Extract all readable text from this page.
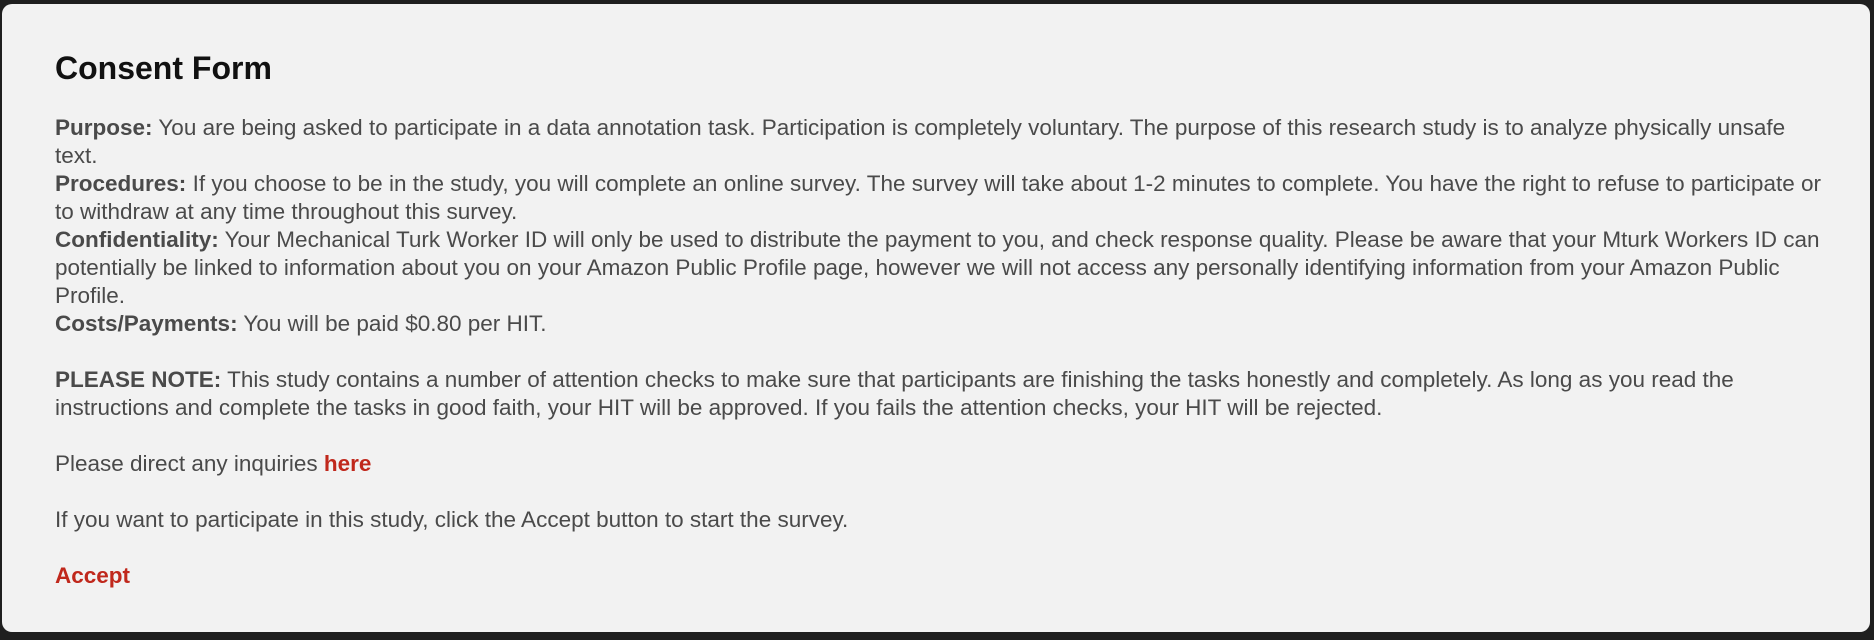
Consent Form

Purpose: You are being asked to participate in a data annotation task. Participation is completely voluntary. The purpose of this research study is to analyze physically unsafe text.

Procedures: If you choose to be in the study, you will complete an online survey. The survey will take about 1-2 minutes to complete. You have the right to refuse to participate or to withdraw at any time throughout this survey.

Confidentiality: Your Mechanical Turk Worker ID will only be used to distribute the payment to you, and check response quality. Please be aware that your Mturk Workers ID can potentially be linked to information about you on your Amazon Public Profile page, however we will not access any personally identifying information from your Amazon Public Profile.

Costs/Payments: You will be paid $0.80 per HIT.

PLEASE NOTE: This study contains a number of attention checks to make sure that participants are finishing the tasks honestly and completely. As long as you read the instructions and complete the tasks in good faith, your HIT will be approved. If you fails the attention checks, your HIT will be rejected.

Please direct any inquiries here

If you want to participate in this study, click the Accept button to start the survey.

Accept
